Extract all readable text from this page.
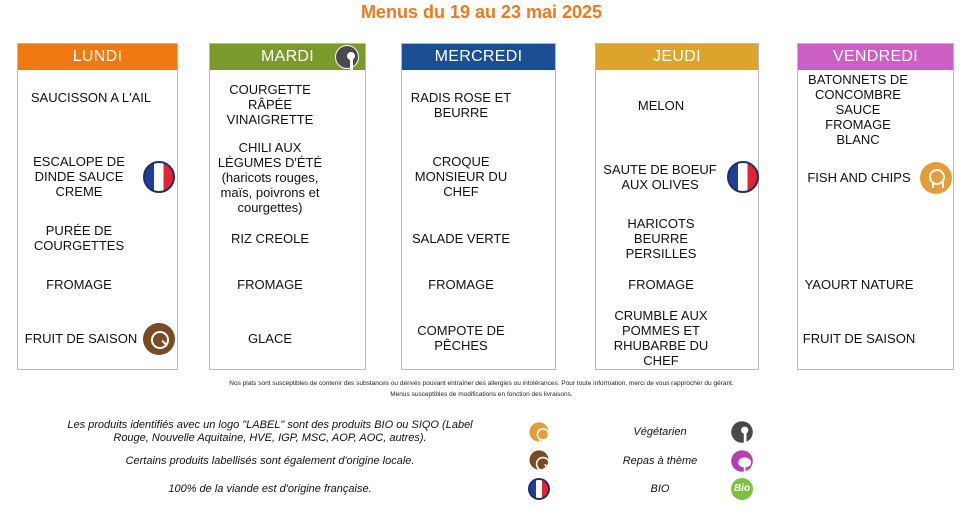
Menus du 19 au 23 mai 2025
LUNDI
SAUCISSON A L'AIL
ESCALOPE DE DINDE SAUCE CREME
PURÉE DE COURGETTES
FROMAGE
FRUIT DE SAISON
MARDI
COURGETTE RÂPÉE VINAIGRETTE
CHILI AUX LÉGUMES D'ÉTÉ (haricots rouges, maïs, poivrons et courgettes)
RIZ CREOLE
FROMAGE
GLACE
MERCREDI
RADIS ROSE ET BEURRE
CROQUE MONSIEUR DU CHEF
SALADE VERTE
FROMAGE
COMPOTE DE PÊCHES
JEUDI
MELON
SAUTE DE BOEUF AUX OLIVES
HARICOTS BEURRE PERSILLES
FROMAGE
CRUMBLE AUX POMMES ET RHUBARBE DU CHEF
VENDREDI
BATONNETS DE CONCOMBRE SAUCE FROMAGE BLANC
FISH AND CHIPS
YAOURT NATURE
FRUIT DE SAISON
Nos plats sont susceptibles de contenir des substances ou dérivés pouvant entraîner des allergies ou intolérances. Pour toute information, merci de vous rapprocher du gérant.
Menus susceptibles de modifications en fonction des livraisons.
Les produits identifiés avec un logo "LABEL" sont des produits BIO ou SIQO (Label Rouge, Nouvelle Aquitaine, HVE, IGP, MSC, AOP, AOC, autres).
Certains produits labellisés sont également d'origine locale.
100% de la viande est d'origine française.
Végétarien
Repas à thème
BIO	Bio
